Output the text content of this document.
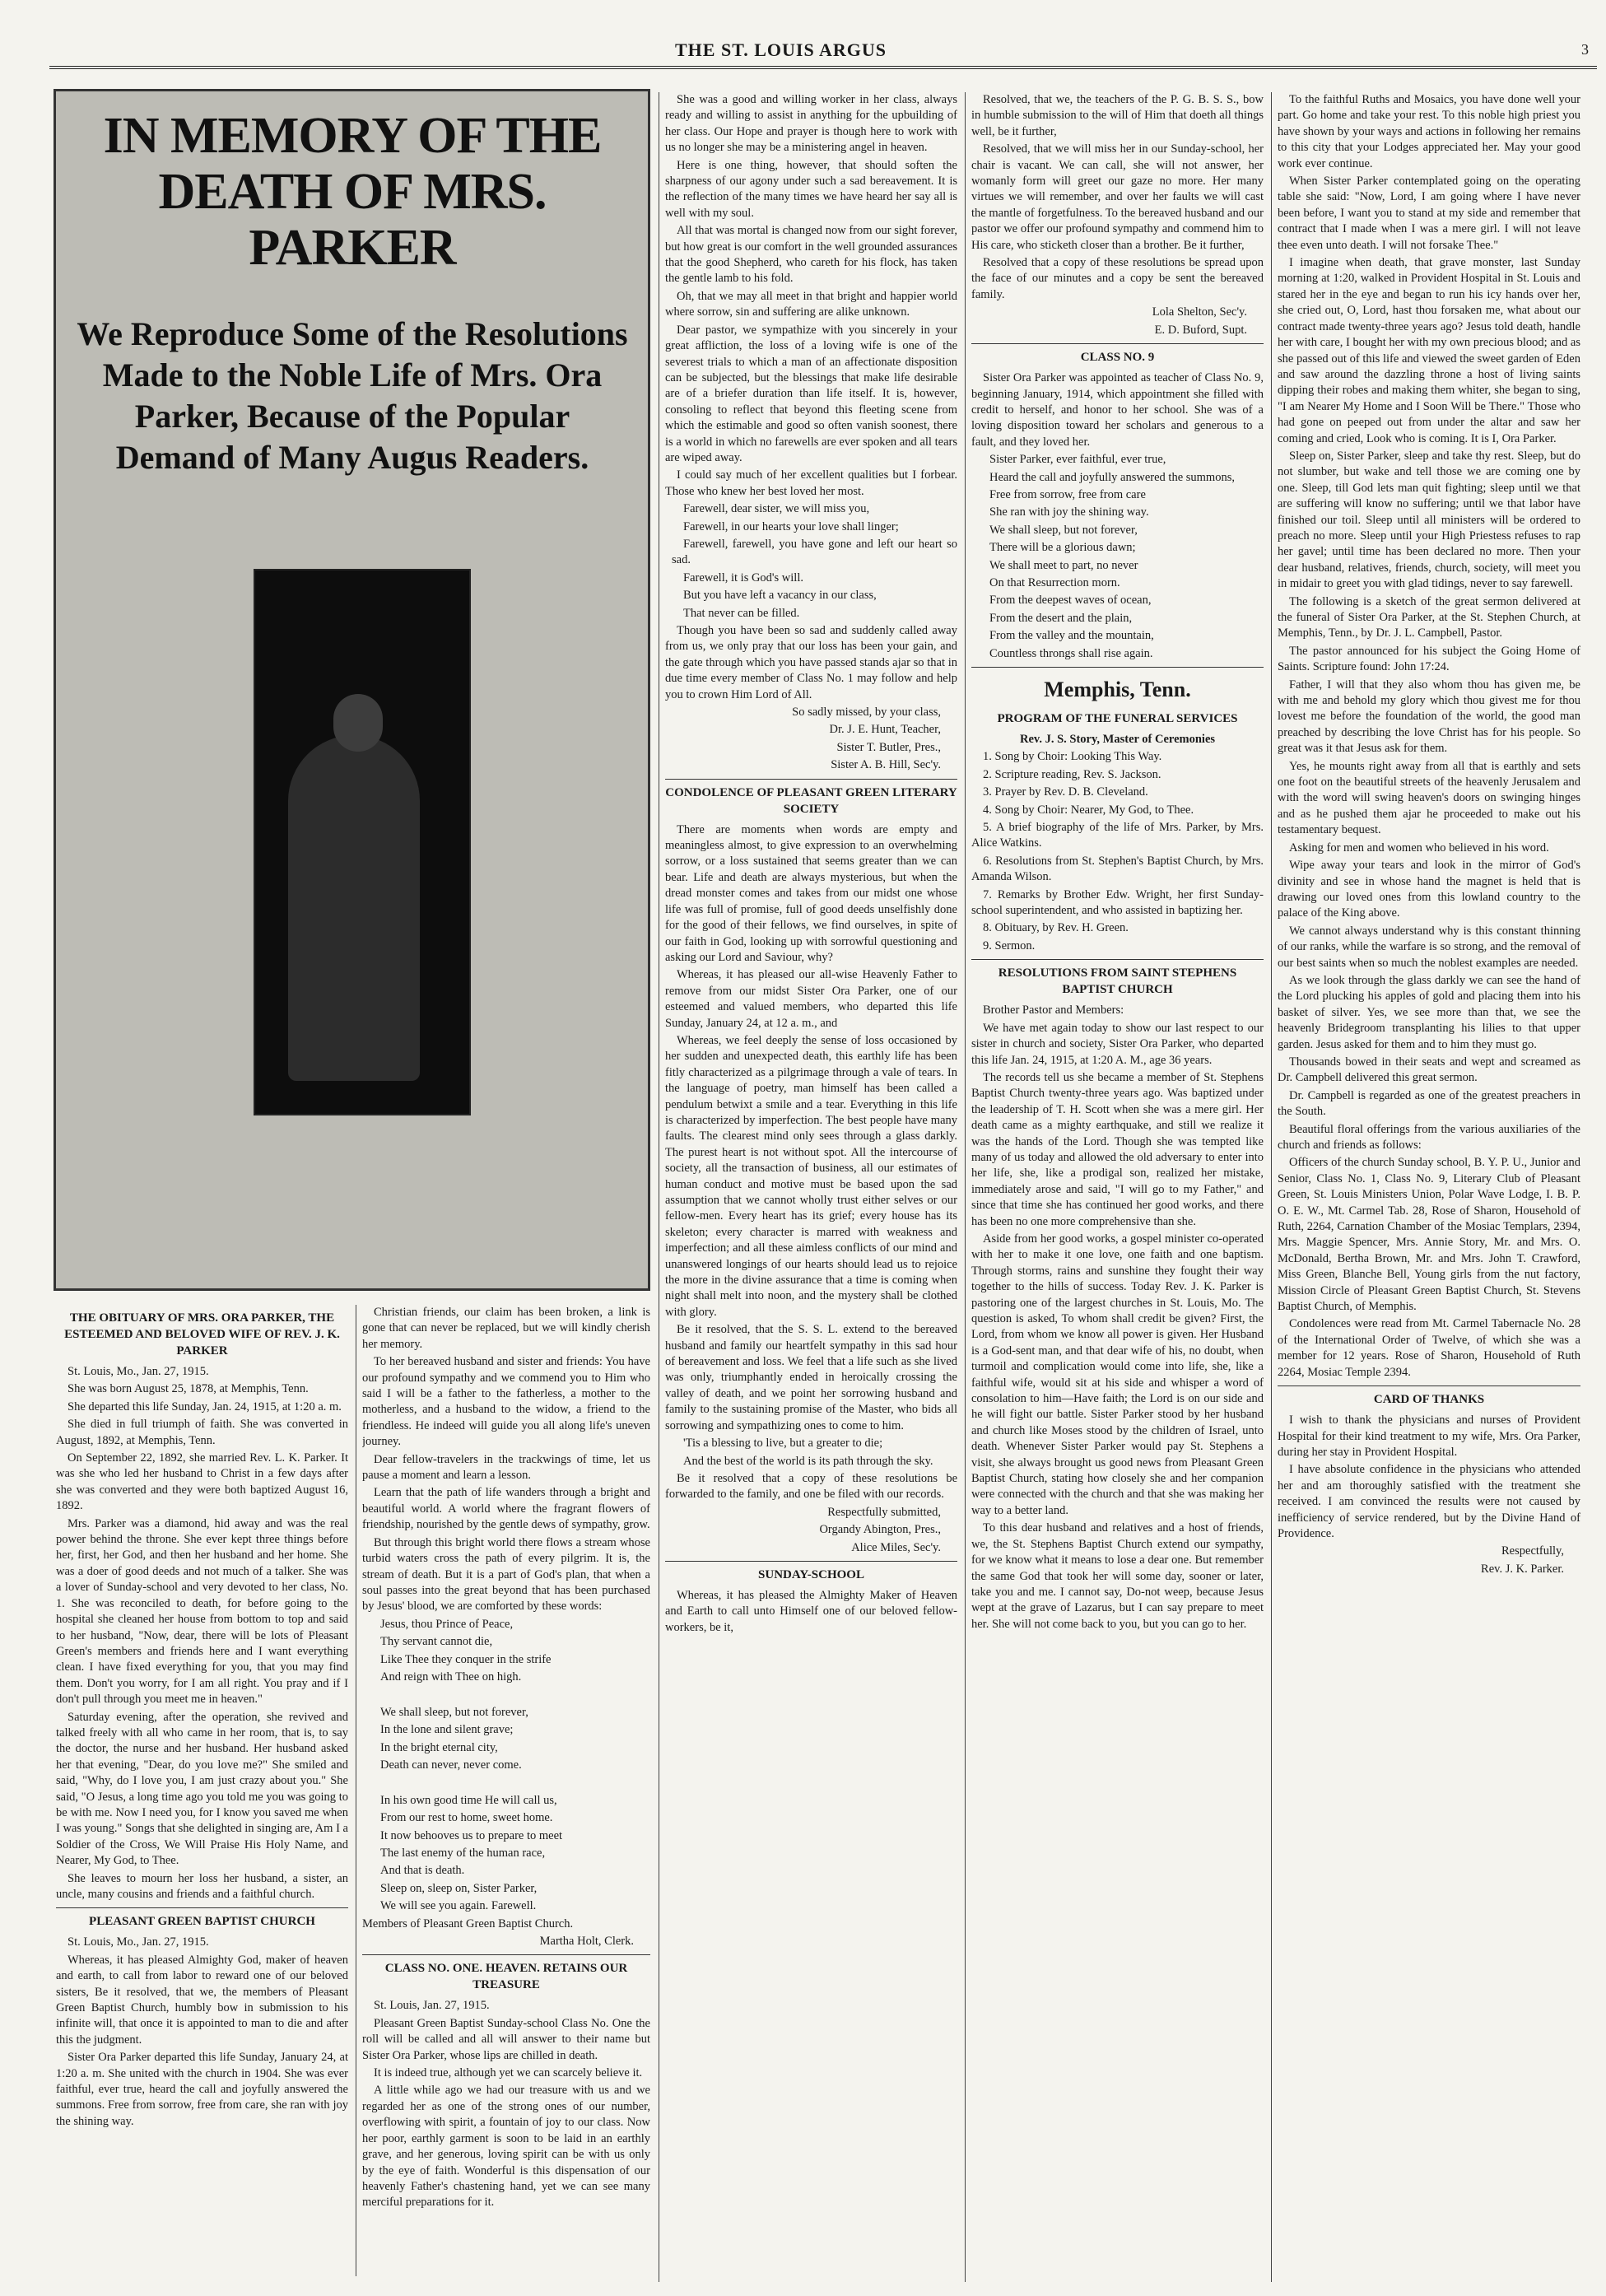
THE ST. LOUIS ARGUS	3
IN MEMORY OF THE DEATH OF MRS. PARKER
We Reproduce Some of the Resolutions Made to the Noble Life of Mrs. Ora Parker, Because of the Popular Demand of Many Augus Readers.
THE OBITUARY OF MRS. ORA PARKER, THE ESTEEMED AND BELOVED WIFE OF REV. J. K. PARKER

St. Louis, Mo., Jan. 27, 1915.

She was born August 25, 1878, at Memphis, Tenn.

She departed this life Sunday, Jan. 24, 1915, at 1:20 a. m.

She died in full triumph of faith. She was converted in August, 1892, at Memphis, Tenn.

On September 22, 1892, she married Rev. L. K. Parker. It was she who led her husband to Christ in a few days after she was converted and they were both baptized August 16, 1892.

Mrs. Parker was a diamond, hid away and was the real power behind the throne. She ever kept three things before her, first, her God, and then her husband and her home. She was a doer of good deeds and not much of a talker. She was a lover of Sunday-school and very devoted to her class, No. 1. She was reconciled to death, for before going to the hospital she cleaned her house from bottom to top and said to her husband, "Now, dear, there will be lots of Pleasant Green's members and friends here and I want everything clean. I have fixed everything for you, that you may find them. Don't you worry, for I am all right. You pray and if I don't pull through you meet me in heaven."

Saturday evening, after the operation, she revived and talked freely with all who came in her room, that is, to say the doctor, the nurse and her husband. Her husband asked her that evening, "Dear, do you love me?" She smiled and said, "Why, do I love you, I am just crazy about you." She said, "O Jesus, a long time ago you told me you was going to be with me. Now I need you, for I know you saved me when I was young." Songs that she delighted in singing are, Am I a Soldier of the Cross, We Will Praise His Holy Name, and Nearer, My God, to Thee.

She leaves to mourn her loss her husband, a sister, an uncle, many cousins and friends and a faithful church.

PLEASANT GREEN BAPTIST CHURCH

St. Louis, Mo., Jan. 27, 1915.

Whereas, it has pleased Almighty God, maker of heaven and earth, to call from labor to reward one of our beloved sisters, Be it resolved, that we, the members of Pleasant Green Baptist Church, humbly bow in submission to his infinite will, that once it is appointed to man to die and after this the judgment.

Sister Ora Parker departed this life Sunday, January 24, at 1:20 a. m. She united with the church in 1904. She was ever faithful, ever true, heard the call and joyfully answered the summons. Free from sorrow, free from care, she ran with joy the shining way.

Christian friends, our claim has been broken, a link is gone that can never be replaced, but we will kindly cherish her memory.

To her bereaved husband and sister and friends: You have our profound sympathy and we commend you to Him who said I will be a father to the fatherless, a mother to the motherless, and a husband to the widow, a friend to the friendless. He indeed will guide you all along life's uneven journey.

Dear fellow-travelers in the trackwings of time, let us pause a moment and learn a lesson.

Learn that the path of life wanders through a bright and beautiful world. A world where the fragrant flowers of friendship, nourished by the gentle dews of sympathy, grow.

But through this bright world there flows a stream whose turbid waters cross the path of every pilgrim. It is, the stream of death. But it is a part of God's plan, that when a soul passes into the great beyond that has been purchased by Jesus' blood, we are comforted by these words:

Jesus, thou Prince of Peace,

Thy servant cannot die,

Like Thee they conquer in the strife

And reign with Thee on high.

We shall sleep, but not forever,

In the lone and silent grave;

In the bright eternal city,

Death can never, never come.

In his own good time He will call us,

From our rest to home, sweet home.

It now behooves us to prepare to meet

The last enemy of the human race,

And that is death.

Sleep on, sleep on, Sister Parker,

We will see you again. Farewell.

Members of Pleasant Green Baptist Church.

Martha Holt, Clerk.

CLASS NO. ONE. HEAVEN. RETAINS OUR TREASURE

St. Louis, Jan. 27, 1915.

Pleasant Green Baptist Sunday-school Class No. One the roll will be called and all will answer to their name but Sister Ora Parker, whose lips are chilled in death.

It is indeed true, although yet we can scarcely believe it.

A little while ago we had our treasure with us and we regarded her as one of the strong ones of our number, overflowing with spirit, a fountain of joy to our class. Now her poor, earthly garment is soon to be laid in an earthly grave, and her generous, loving spirit can be with us only by the eye of faith. Wonderful is this dispensation of our heavenly Father's chastening hand, yet we can see many merciful preparations for it.

She was a good and willing worker in her class, always ready and willing to assist in anything for the upbuilding of her class. Our Hope and prayer is though here to work with us no longer she may be a ministering angel in heaven.

Here is one thing, however, that should soften the sharpness of our agony under such a sad bereavement. It is the reflection of the many times we have heard her say all is well with my soul.

All that was mortal is changed now from our sight forever, but how great is our comfort in the well grounded assurances that the good Shepherd, who careth for his flock, has taken the gentle lamb to his fold.

Oh, that we may all meet in that bright and happier world where sorrow, sin and suffering are alike unknown.

Dear pastor, we sympathize with you sincerely in your great affliction, the loss of a loving wife is one of the severest trials to which a man of an affectionate disposition can be subjected, but the blessings that make life desirable are of a briefer duration than life itself. It is, however, consoling to reflect that beyond this fleeting scene from which the estimable and good so often vanish soonest, there is a world in which no farewells are ever spoken and all tears are wiped away.

I could say much of her excellent qualities but I forbear. Those who knew her best loved her most.

Farewell, dear sister, we will miss you,

Farewell, in our hearts your love shall linger;

Farewell, farewell, you have gone and left our heart so sad.

Farewell, it is God's will.

But you have left a vacancy in our class,

That never can be filled.

Though you have been so sad and suddenly called away from us, we only pray that our loss has been your gain, and the gate through which you have passed stands ajar so that in due time every member of Class No. 1 may follow and help you to crown Him Lord of All.

So sadly missed, by your class,

Dr. J. E. Hunt, Teacher,

Sister T. Butler, Pres.,

Sister A. B. Hill, Sec'y.

CONDOLENCE OF PLEASANT GREEN LITERARY SOCIETY

There are moments when words are empty and meaningless almost, to give expression to an overwhelming sorrow, or a loss sustained that seems greater than we can bear. Life and death are always mysterious, but when the dread monster comes and takes from our midst one whose life was full of promise, full of good deeds unselfishly done for the good of their fellows, we find ourselves, in spite of our faith in God, looking up with sorrowful questioning and asking our Lord and Saviour, why?

Whereas, it has pleased our all-wise Heavenly Father to remove from our midst Sister Ora Parker, one of our esteemed and valued members, who departed this life Sunday, January 24, at 12 a. m., and

Whereas, we feel deeply the sense of loss occasioned by her sudden and unexpected death, this earthly life has been fitly characterized as a pilgrimage through a vale of tears. In the language of poetry, man himself has been called a pendulum betwixt a smile and a tear. Everything in this life is characterized by imperfection. The best people have many faults. The clearest mind only sees through a glass darkly. The purest heart is not without spot. All the intercourse of society, all the transaction of business, all our estimates of human conduct and motive must be based upon the sad assumption that we cannot wholly trust either selves or our fellow-men. Every heart has its grief; every house has its skeleton; every character is marred with weakness and imperfection; and all these aimless conflicts of our mind and unanswered longings of our hearts should lead us to rejoice the more in the divine assurance that a time is coming when night shall melt into noon, and the mystery shall be clothed with glory.

Be it resolved, that the S. S. L. extend to the bereaved husband and family our heartfelt sympathy in this sad hour of bereavement and loss. We feel that a life such as she lived was only, triumphantly ended in heroically crossing the valley of death, and we point her sorrowing husband and family to the sustaining promise of the Master, who bids all sorrowing and sympathizing ones to come to him.

'Tis a blessing to live, but a greater to die;

And the best of the world is its path through the sky.

Be it resolved that a copy of these resolutions be forwarded to the family, and one be filed with our records.

Respectfully submitted,

Organdy Abington, Pres.,

Alice Miles, Sec'y.

SUNDAY-SCHOOL

Whereas, it has pleased the Almighty Maker of Heaven and Earth to call unto Himself one of our beloved fellow-workers, be it,

Resolved, that we, the teachers of the P. G. B. S. S., bow in humble submission to the will of Him that doeth all things well, be it further,

Resolved, that we will miss her in our Sunday-school, her chair is vacant. We can call, she will not answer, her womanly form will greet our gaze no more. Her many virtues we will remember, and over her faults we will cast the mantle of forgetfulness. To the bereaved husband and our pastor we offer our profound sympathy and commend him to His care, who sticketh closer than a brother. Be it further,

Resolved that a copy of these resolutions be spread upon the face of our minutes and a copy be sent the bereaved family.

Lola Shelton, Sec'y.

E. D. Buford, Supt.

CLASS NO. 9

Sister Ora Parker was appointed as teacher of Class No. 9, beginning January, 1914, which appointment she filled with credit to herself, and honor to her school. She was of a loving disposition toward her scholars and generous to a fault, and they loved her.

Sister Parker, ever faithful, ever true,

Heard the call and joyfully answered the summons,

Free from sorrow, free from care

She ran with joy the shining way.

We shall sleep, but not forever,

There will be a glorious dawn;

We shall meet to part, no never

On that Resurrection morn.

From the deepest waves of ocean,

From the desert and the plain,

From the valley and the mountain,

Countless throngs shall rise again.

Memphis, Tenn.
PROGRAM OF THE FUNERAL SERVICES

Rev. J. S. Story, Master of Ceremonies

1. Song by Choir: Looking This Way.

2. Scripture reading, Rev. S. Jackson.

3. Prayer by Rev. D. B. Cleveland.

4. Song by Choir: Nearer, My God, to Thee.

5. A brief biography of the life of Mrs. Parker, by Mrs. Alice Watkins.

6. Resolutions from St. Stephen's Baptist Church, by Mrs. Amanda Wilson.

7. Remarks by Brother Edw. Wright, her first Sunday-school superintendent, and who assisted in baptizing her.

8. Obituary, by Rev. H. Green.

9. Sermon.

RESOLUTIONS FROM SAINT STEPHENS BAPTIST CHURCH

Brother Pastor and Members:

We have met again today to show our last respect to our sister in church and society, Sister Ora Parker, who departed this life Jan. 24, 1915, at 1:20 A. M., age 36 years.

The records tell us she became a member of St. Stephens Baptist Church twenty-three years ago. Was baptized under the leadership of T. H. Scott when she was a mere girl. Her death came as a mighty earthquake, and still we realize it was the hands of the Lord. Though she was tempted like many of us today and allowed the old adversary to enter into her life, she, like a prodigal son, realized her mistake, immediately arose and said, "I will go to my Father," and since that time she has continued her good works, and there has been no one more comprehensive than she.

Aside from her good works, a gospel minister co-operated with her to make it one love, one faith and one baptism. Through storms, rains and sunshine they fought their way together to the hills of success. Today Rev. J. K. Parker is pastoring one of the largest churches in St. Louis, Mo. The question is asked, To whom shall credit be given? First, the Lord, from whom we know all power is given. Her Husband is a God-sent man, and that dear wife of his, no doubt, when turmoil and complication would come into life, she, like a faithful wife, would sit at his side and whisper a word of consolation to him—Have faith; the Lord is on our side and he will fight our battle. Sister Parker stood by her husband and church like Moses stood by the children of Israel, unto death. Whenever Sister Parker would pay St. Stephens a visit, she always brought us good news from Pleasant Green Baptist Church, stating how closely she and her companion were connected with the church and that she was making her way to a better land.

To this dear husband and relatives and a host of friends, we, the St. Stephens Baptist Church extend our sympathy, for we know what it means to lose a dear one. But remember the same God that took her will some day, sooner or later, take you and me. I cannot say, Do-not weep, because Jesus wept at the grave of Lazarus, but I can say prepare to meet her. She will not come back to you, but you can go to her.

To the faithful Ruths and Mosaics, you have done well your part. Go home and take your rest. To this noble high priest you have shown by your ways and actions in following her remains to this city that your Lodges appreciated her. May your good work ever continue.

When Sister Parker contemplated going on the operating table she said: "Now, Lord, I am going where I have never been before, I want you to stand at my side and remember that contract that I made when I was a mere girl. I will not leave thee even unto death. I will not forsake Thee."

I imagine when death, that grave monster, last Sunday morning at 1:20, walked in Provident Hospital in St. Louis and stared her in the eye and began to run his icy hands over her, she cried out, O, Lord, hast thou forsaken me, what about our contract made twenty-three years ago? Jesus told death, handle her with care, I bought her with my own precious blood; and as she passed out of this life and viewed the sweet garden of Eden and saw around the dazzling throne a host of living saints dipping their robes and making them whiter, she began to sing, "I am Nearer My Home and I Soon Will be There." Those who had gone on peeped out from under the altar and saw her coming and cried, Look who is coming. It is I, Ora Parker.

Sleep on, Sister Parker, sleep and take thy rest. Sleep, but do not slumber, but wake and tell those we are coming one by one. Sleep, till God lets man quit fighting; sleep until we that are suffering will know no suffering; until we that labor have finished our toil. Sleep until all ministers will be ordered to preach no more. Sleep until your High Priestess refuses to rap her gavel; until time has been declared no more. Then your dear husband, relatives, friends, church, society, will meet you in midair to greet you with glad tidings, never to say farewell.

The following is a sketch of the great sermon delivered at the funeral of Sister Ora Parker, at the St. Stephen Church, at Memphis, Tenn., by Dr. J. L. Campbell, Pastor.

The pastor announced for his subject the Going Home of Saints. Scripture found: John 17:24.

Father, I will that they also whom thou has given me, be with me and behold my glory which thou givest me for thou lovest me before the foundation of the world, the good man preached by describing the love Christ has for his people. So great was it that Jesus ask for them.

Yes, he mounts right away from all that is earthly and sets one foot on the beautiful streets of the heavenly Jerusalem and with the word will swing heaven's doors on swinging hinges and as he pushed them ajar he proceeded to make out his testamentary bequest.

Asking for men and women who believed in his word.

Wipe away your tears and look in the mirror of God's divinity and see in whose hand the magnet is held that is drawing our loved ones from this lowland country to the palace of the King above.

We cannot always understand why is this constant thinning of our ranks, while the warfare is so strong, and the removal of our best saints when so much the noblest examples are needed.

As we look through the glass darkly we can see the hand of the Lord plucking his apples of gold and placing them into his basket of silver. Yes, we see more than that, we see the heavenly Bridegroom transplanting his lilies to that upper garden. Jesus asked for them and to him they must go.

Thousands bowed in their seats and wept and screamed as Dr. Campbell delivered this great sermon.

Dr. Campbell is regarded as one of the greatest preachers in the South.

Beautiful floral offerings from the various auxiliaries of the church and friends as follows:

Officers of the church Sunday school, B. Y. P. U., Junior and Senior, Class No. 1, Class No. 9, Literary Club of Pleasant Green, St. Louis Ministers Union, Polar Wave Lodge, I. B. P. O. E. W., Mt. Carmel Tab. 28, Rose of Sharon, Household of Ruth, 2264, Carnation Chamber of the Mosiac Templars, 2394, Mrs. Maggie Spencer, Mrs. Annie Story, Mr. and Mrs. O. McDonald, Bertha Brown, Mr. and Mrs. John T. Crawford, Miss Green, Blanche Bell, Young girls from the nut factory, Mission Circle of Pleasant Green Baptist Church, St. Stevens Baptist Church, of Memphis.

Condolences were read from Mt. Carmel Tabernacle No. 28 of the International Order of Twelve, of which she was a member for 12 years. Rose of Sharon, Household of Ruth 2264, Mosiac Temple 2394.

CARD OF THANKS

I wish to thank the physicians and nurses of Provident Hospital for their kind treatment to my wife, Mrs. Ora Parker, during her stay in Provident Hospital.

I have absolute confidence in the physicians who attended her and am thoroughly satisfied with the treatment she received. I am convinced the results were not caused by inefficiency of service rendered, but by the Divine Hand of Providence.

Respectfully,

Rev. J. K. Parker.
